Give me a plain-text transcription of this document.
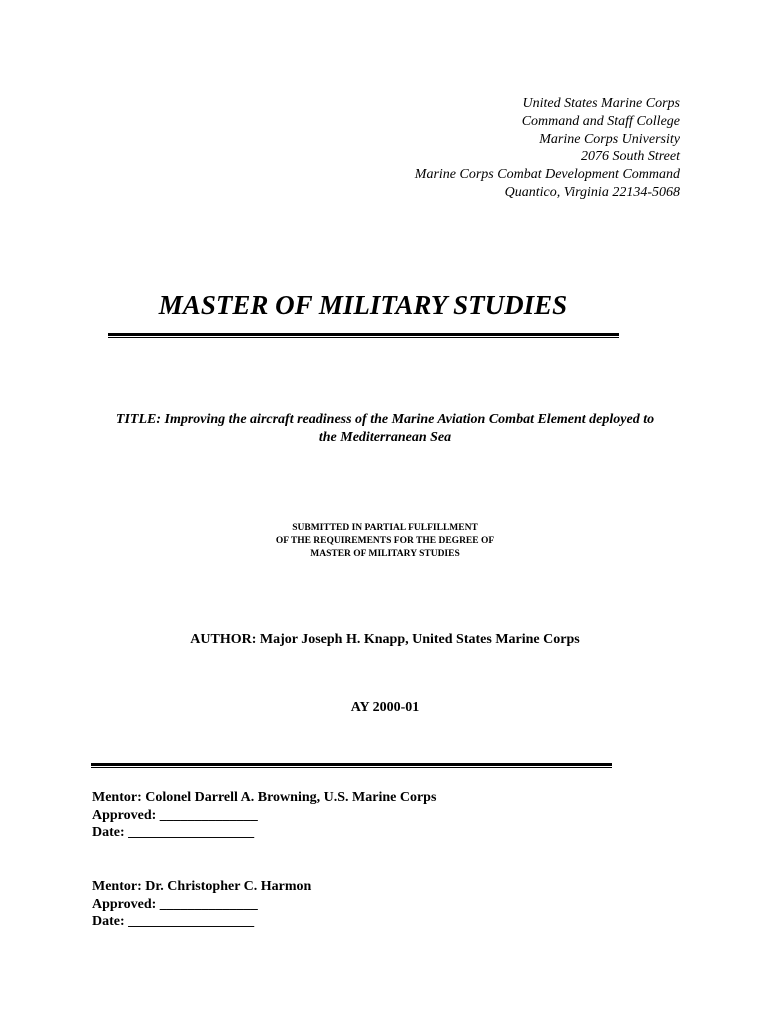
United States Marine Corps
Command and Staff College
Marine Corps University
2076 South Street
Marine Corps Combat Development Command
Quantico, Virginia 22134-5068
MASTER OF MILITARY STUDIES
TITLE: Improving the aircraft readiness of the Marine Aviation Combat Element deployed to
the Mediterranean Sea
SUBMITTED IN PARTIAL FULFILLMENT
OF THE REQUIREMENTS FOR THE DEGREE OF
MASTER OF MILITARY STUDIES
AUTHOR: Major Joseph H. Knapp, United States Marine Corps
AY 2000-01
Mentor: Colonel Darrell A. Browning, U.S. Marine Corps
Approved: ______________
Date: __________________
Mentor: Dr. Christopher C. Harmon
Approved: ______________
Date: __________________
